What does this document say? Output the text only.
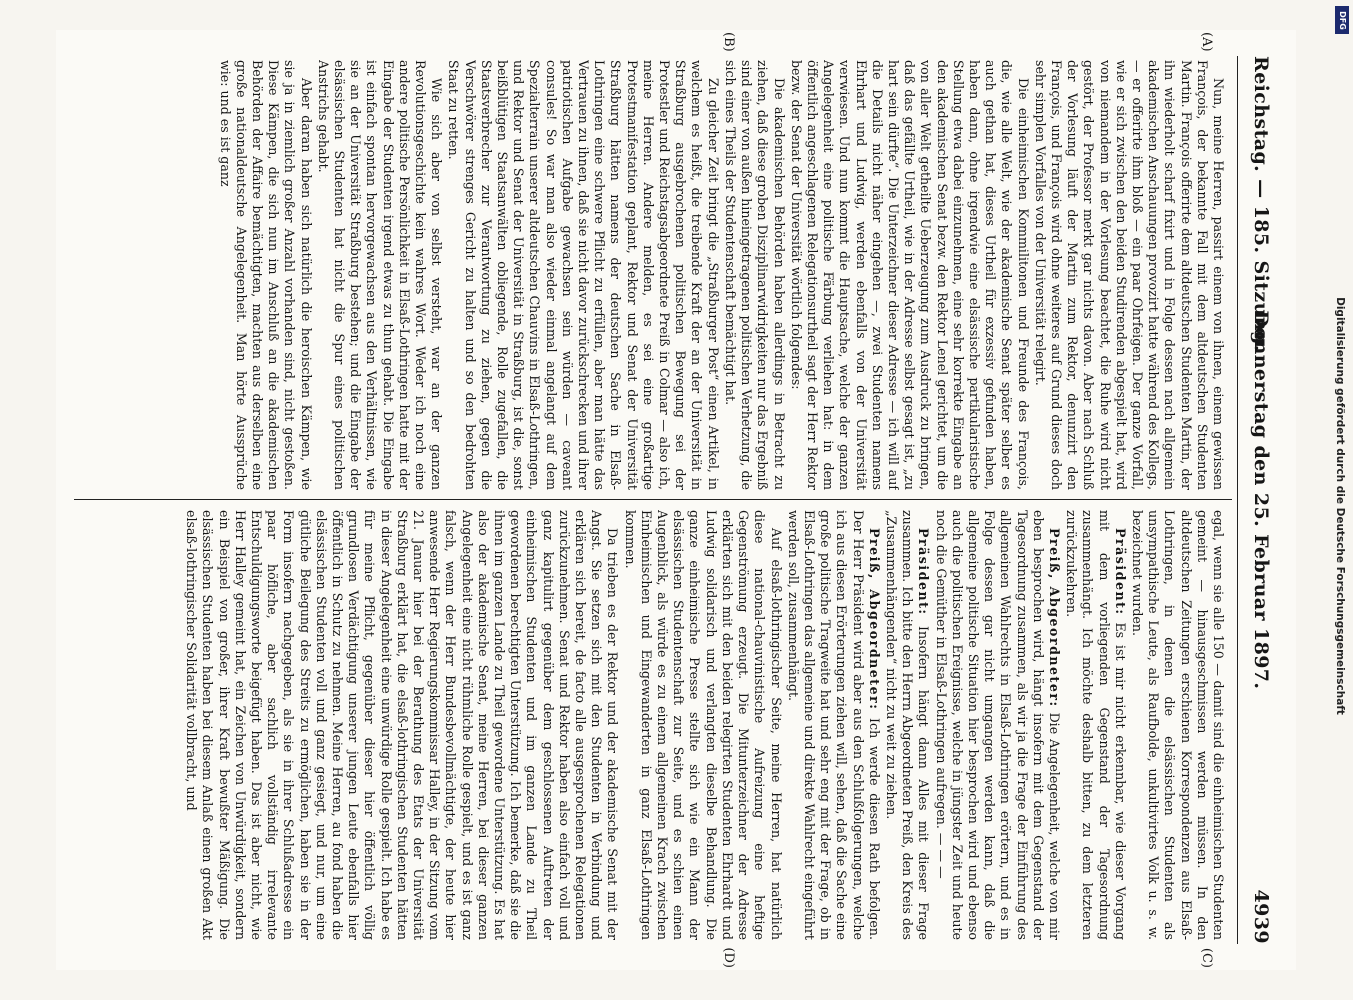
Reichstag. — 185. Sitzung.
Donnerstag den 25. Februar 1897.
4939
(A)
(B)
(C)
(D)

Nun, meine Herren, passirt einem von ihnen, einem gewissen François, der bekannte Fall mit dem altdeutschen Studenten Martin. François offerirte dem altdeutschen Studenten Martin, der ihn wiederholt scharf fixirt und in Folge dessen nach allgemein akademischen Anschauungen provozirt hatte während des Kollegs, — er offerirte ihm bloß — ein paar Ohrfeigen. Der ganze Vorfall, wie er sich zwischen den beiden Studirenden abgespielt hat, wird von niemandem in der Vorlesung beachtet, die Ruhe wird nicht gestört, der Professor merkt gar nichts davon. Aber nach Schluß der Vorlesung läuft der Martin zum Rektor, denunzirt den François, und François wird ohne weiteres auf Grund dieses doch sehr simplen Vorfalles von der Universität relegirt.

Die einheimischen Kommilitonen und Freunde des François, die, wie alle Welt, wie der akademische Senat später selber es auch gethan hat, dieses Urtheil für exzessiv gefunden haben, haben dann, ohne irgendwie eine elsässische partikularistische Stellung etwa dabei einzunehmen, eine sehr korrekte Eingabe an den akademischen Senat bezw. den Rektor Lenel gerichtet, um die von aller Welt getheilte Ueberzeugung zum Ausdruck zu bringen, daß das gefällte Urtheil, wie in der Adresse selbst gesagt ist, „zu hart sein dürfte“. Die Unterzeichner dieser Adresse — ich will auf die Details nicht näher eingehen —, zwei Studenten namens Ehrhart und Ludwig, werden ebenfalls von der Universität verwiesen. Und nun kommt die Hauptsache, welche der ganzen Angelegenheit eine politische Färbung verliehen hat: in dem öffentlich angeschlagenen Relegationsurtheil sagt der Herr Rektor bezw. der Senat der Universität wörtlich folgendes:

Die akademischen Behörden haben allerdings in Betracht zu ziehen, daß diese groben Disziplinarwidrigkeiten nur das Ergebniß sind einer von außen hineingetragenen politischen Verhetzung, die sich eines Theils der Studentenschaft bemächtigt hat.

Zu gleicher Zeit bringt die „Straßburger Post“ einen Artikel, in welchem es heißt, die treibende Kraft der an der Universität in Straßburg ausgebrochenen politischen Bewegung sei der Protestler und Reichstagsabgeordnete Preiß in Colmar — also ich, meine Herren. Andere melden, es sei eine großartige Protestmanifestation geplant, Rektor und Senat der Universität Straßburg hätten namens der deutschen Sache in Elsaß-Lothringen eine schwere Pflicht zu erfüllen, aber man hätte das Vertrauen zu ihnen, daß sie nicht davor zurückschrecken und ihrer patriotischen Aufgabe gewachsen sein würden — caveant consules! So war man also wieder einmal angelangt auf dem Spezialterrain unserer altdeutschen Chauvins in Elsaß-Lothringen, und Rektor und Senat der Universität in Straßburg, ist die, sonst beißblütigen Staatsanwälten obliegende, Rolle zugefallen, die Staatsverbrecher zur Verantwortung zu ziehen, gegen die Verschwörer strenges Gericht zu halten und so den bedrohten Staat zu retten.

Wie sich aber von selbst versteht, war an der ganzen Revolutionsgeschichte kein wahres Wort. Weder ich noch eine andere politische Persönlichkeit in Elsaß-Lothringen hatte mit der Eingabe der Studenten irgend etwas zu thun gehabt. Die Eingabe ist einfach spontan hervorgewachsen aus den Verhältnissen, wie sie an der Universität Straßburg bestehen; und die Eingabe der elsässischen Studenten hat nicht die Spur eines politischen Anstrichs gehabt.

Aber daran haben sich natürlich die heroischen Kämpen, wie sie ja in ziemlich großer Anzahl vorhanden sind, nicht gestoßen. Diese Kämpen, die sich nun im Anschluß an die akademischen Behörden der Affaire bemächtigten, machten aus derselben eine große nationaldeutsche Angelegenheit. Man hörte Aussprüche wie: und es ist ganz

egal, wenn sie alle 150 — damit sind die einheimischen Studenten gemeint — hinausgeschmissen werden müssen. In den altdeutschen Zeitungen erschienen Korrespondenzen aus Elsaß-Lothringen, in denen die elsässischen Studenten als unsympathische Leute, als Raufbolde, unkultivirtes Volk u. s. w. bezeichnet wurden.

Präsident: Es ist mir nicht erkennbar, wie dieser Vorgang mit dem vorliegenden Gegenstand der Tagesordnung zusammenhängt. Ich möchte deshalb bitten, zu dem letzteren zurückzukehren.

Preiß, Abgeordneter: Die Angelegenheit, welche von mir eben besprochen wird, hängt insofern mit dem Gegenstand der Tagesordnung zusammen, als wir ja die Frage der Einführung des allgemeinen Wahlrechts in Elsaß-Lothringen erörtern, und es in Folge dessen gar nicht umgangen werden kann, daß die allgemeine politische Situation hier besprochen wird und ebenso auch die politischen Ereignisse, welche in jüngster Zeit und heute noch die Gemüther in Elsaß-Lothringen aufregen. — — —

Präsident: Insofern hängt dann Alles mit dieser Frage zusammen. Ich bitte den Herrn Abgeordneten Preiß, den Kreis des „Zusammenhängenden“ nicht zu weit zu ziehen.

Preiß, Abgeordneter: Ich werde diesen Rath befolgen. Der Herr Präsident wird aber aus den Schlußfolgerungen, welche ich aus diesen Erörterungen ziehen will, sehen, daß die Sache eine große politische Tragweite hat und sehr eng mit der Frage, ob in Elsaß-Lothringen das allgemeine und direkte Wahlrecht eingeführt werden soll, zusammenhängt.

Auf elsaß-lothringischer Seite, meine Herren, hat natürlich diese national-chauvinistische Aufreizung eine heftige Gegenströmung erzeugt. Die Mitunterzeichner der Adresse erklärten sich mit den beiden relegirten Studenten Ehrhardt und Ludwig solidarisch und verlangten dieselbe Behandlung. Die ganze einheimische Presse stellte sich wie ein Mann der elsässischen Studentenschaft zur Seite, und es schien einen Augenblick, als würde es zu einem allgemeinen Krach zwischen Einheimischen und Eingewanderten in ganz Elsaß-Lothringen kommen.

Da trieben es der Rektor und der akademische Senat mit der Angst. Sie setzen sich mit den Studenten in Verbindung und erklären sich bereit, de facto alle ausgesprochenen Relegationen zurückzunehmen. Senat und Rektor haben also einfach voll und ganz kapitulirt gegenüber dem geschlossenen Auftreten der einheimischen Studenten und im ganzen Lande zu Theil gewordenen berechtigten Unterstützung. Ich bemerke, daß sie die ihnen im ganzen Lande zu Theil gewordene Unterstützung. Es hat also der akademische Senat, meine Herren, bei dieser ganzen Angelegenheit eine nicht rühmliche Rolle gespielt, und es ist ganz falsch, wenn der Herr Bundesbevollmächtigte, der heute hier anwesende Herr Regierungskommissar Halley, in der Sitzung vom 21. Januar hier bei der Berathung des Etats der Universität Straßburg erklärt hat, die elsaß-lothringischen Studenten hätten in dieser Angelegenheit eine unwürdige Rolle gespielt. Ich habe es für meine Pflicht, gegenüber dieser hier öffentlich völlig grundlosen Verdächtigung unserer jungen Leute ebenfalls hier öffentlich in Schutz zu nehmen. Meine Herren, au fond haben die elsässischen Studenten voll und ganz gesiegt, und nur, um eine gütliche Beilegung des Streits zu ermöglichen, haben sie in der Form insofern nachgegeben, als sie in ihrer Schlußadresse ein paar höfliche, aber sachlich vollständig irrelevante Entschuldigungsworte beigefügt haben. Das ist aber nicht, wie Herr Halley gemeint hat, ein Zeichen von Unwürdigkeit, sondern ein Beispiel von großer, ihrer Kraft bewußter Mäßigung. Die elsässischen Studenten haben bei diesem Anlaß einen großen Akt elsaß-lothringischer Solidarität vollbracht, und	Digitalisierung gefördert durch die Deutsche Forschungsgemeinschaft
DFG
